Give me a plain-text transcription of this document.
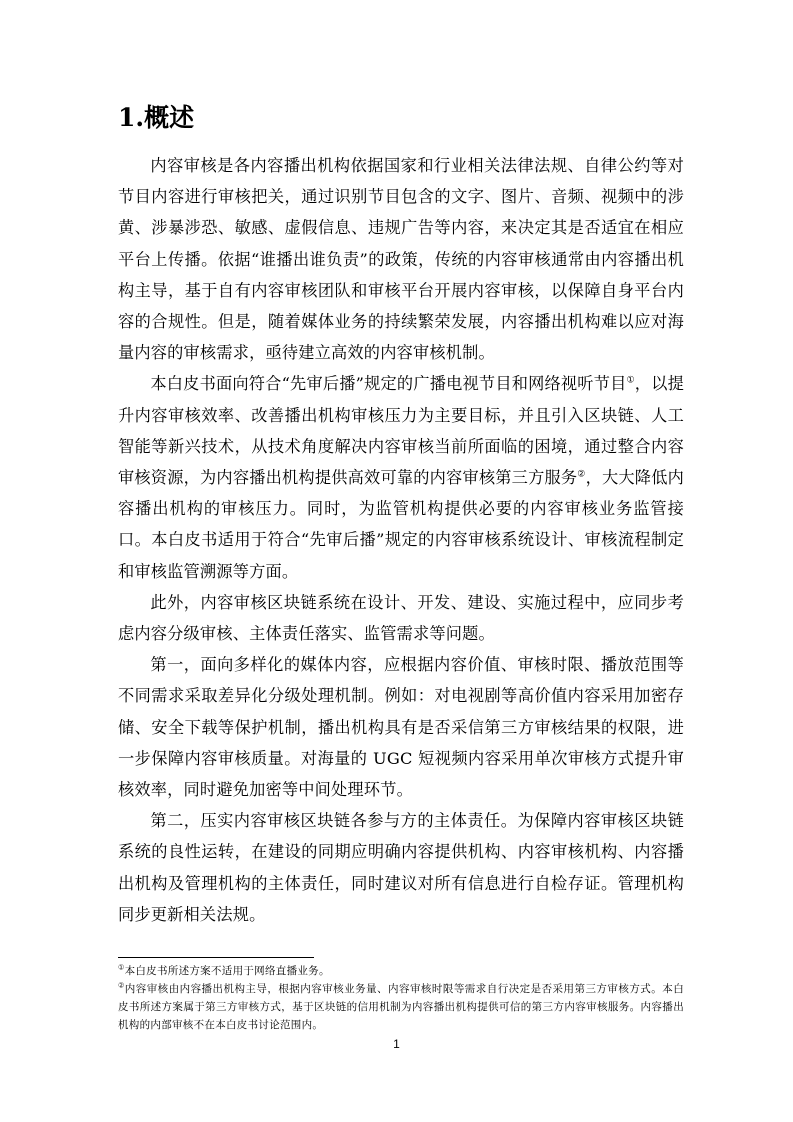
1.概述

内容审核是各内容播出机构依据国家和行业相关法律法规、自律公约等对节目内容进行审核把关，通过识别节目包含的文字、图片、音频、视频中的涉黄、涉暴涉恐、敏感、虚假信息、违规广告等内容，来决定其是否适宜在相应平台上传播。依据“谁播出谁负责”的政策，传统的内容审核通常由内容播出机构主导，基于自有内容审核团队和审核平台开展内容审核，以保障自身平台内容的合规性。但是，随着媒体业务的持续繁荣发展，内容播出机构难以应对海量内容的审核需求，亟待建立高效的内容审核机制。

本白皮书面向符合“先审后播”规定的广播电视节目和网络视听节目①，以提升内容审核效率、改善播出机构审核压力为主要目标，并且引入区块链、人工智能等新兴技术，从技术角度解决内容审核当前所面临的困境，通过整合内容审核资源，为内容播出机构提供高效可靠的内容审核第三方服务②，大大降低内容播出机构的审核压力。同时，为监管机构提供必要的内容审核业务监管接口。本白皮书适用于符合“先审后播”规定的内容审核系统设计、审核流程制定和审核监管溯源等方面。

此外，内容审核区块链系统在设计、开发、建设、实施过程中，应同步考虑内容分级审核、主体责任落实、监管需求等问题。

第一，面向多样化的媒体内容，应根据内容价值、审核时限、播放范围等不同需求采取差异化分级处理机制。例如：对电视剧等高价值内容采用加密存储、安全下载等保护机制，播出机构具有是否采信第三方审核结果的权限，进一步保障内容审核质量。对海量的 UGC 短视频内容采用单次审核方式提升审核效率，同时避免加密等中间处理环节。

第二，压实内容审核区块链各参与方的主体责任。为保障内容审核区块链系统的良性运转，在建设的同期应明确内容提供机构、内容审核机构、内容播出机构及管理机构的主体责任，同时建议对所有信息进行自检存证。管理机构同步更新相关法规。

①本白皮书所述方案不适用于网络直播业务。

②内容审核由内容播出机构主导，根据内容审核业务量、内容审核时限等需求自行决定是否采用第三方审核方式。本白皮书所述方案属于第三方审核方式，基于区块链的信用机制为内容播出机构提供可信的第三方内容审核服务。内容播出机构的内部审核不在本白皮书讨论范围内。

1
